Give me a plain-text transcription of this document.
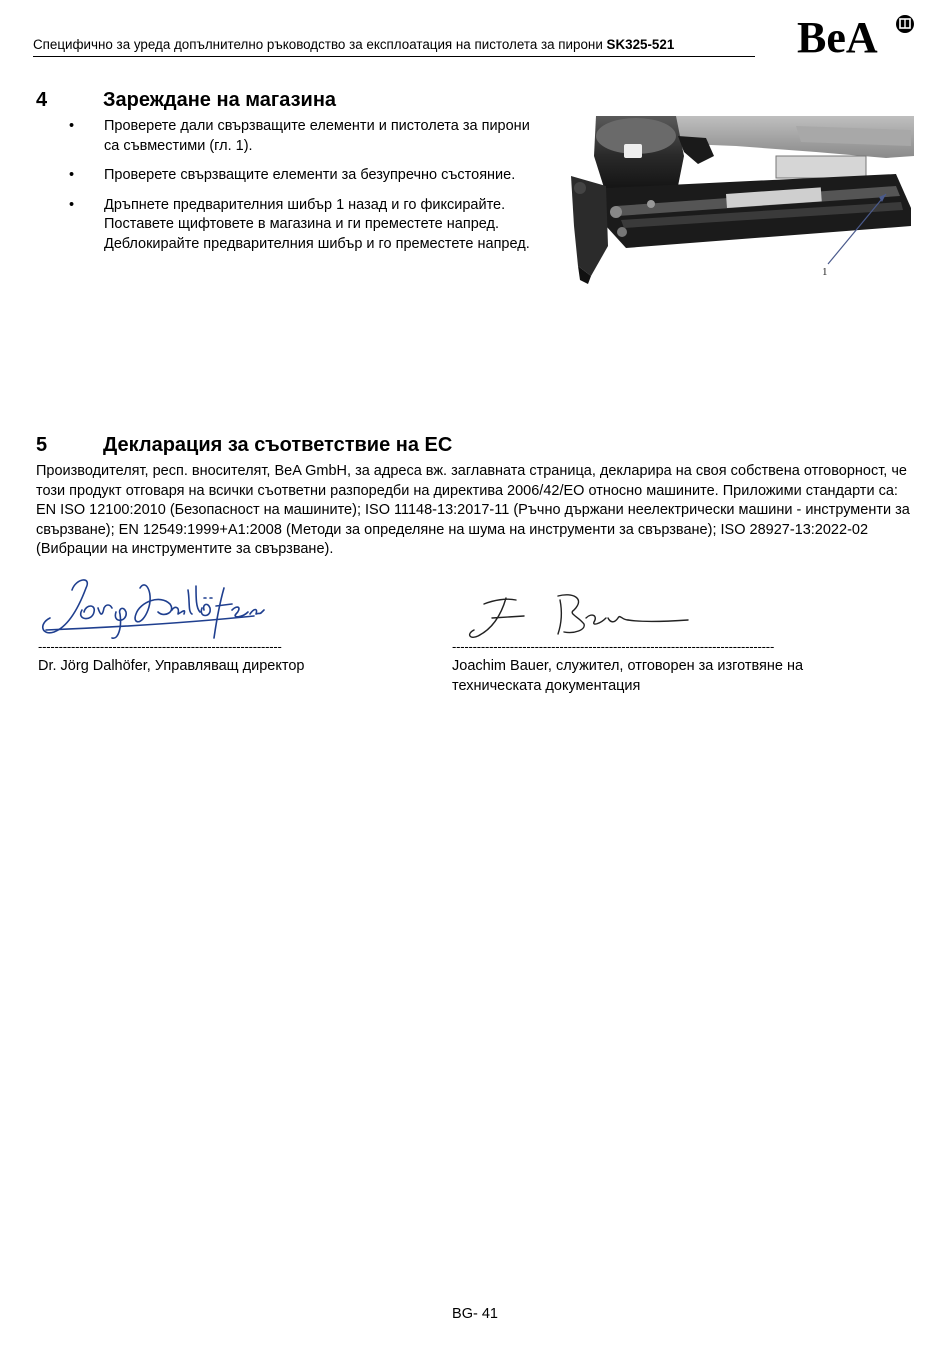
Специфично за уреда допълнително ръководство за експлоатация на пистолета за пирони SK325-521	BeA
4	Зареждане на магазина
• Проверете дали свързващите елементи и пистолета за пирони са съвместими (гл. 1).
• Проверете свързващите елементи за безупречно състояние.
• Дръпнете предварителния шибър 1 назад и го фиксирайте. Поставете щифтовете в магазина и ги преместете напред. Деблокирайте предварителния шибър и го преместете напред.
1
5	Декларация за съответствие на ЕС
Производителят, респ. вносителят, BeA GmbH, за адреса вж. заглавната страница, декларира на своя собствена отговорност, че този продукт отговаря на всички съответни разпоредби на директива 2006/42/ЕО относно машините. Приложими стандарти са: EN ISO 12100:2010 (Безопасност на машините); ISO 11148-13:2017-11 (Ръчно държани неелектрически машини - инструменти за свързване); EN 12549:1999+A1:2008 (Методи за определяне на шума на инструменти за свързване); ISO 28927-13:2022-02 (Вибрации на инструментите за свързване).
-----------------------------------------------------------
Dr. Jörg Dalhöfer, Управляващ директор
------------------------------------------------------------------------------
Joachim Bauer, служител, отговорен за изготвяне на техническата документация
BG- 41
